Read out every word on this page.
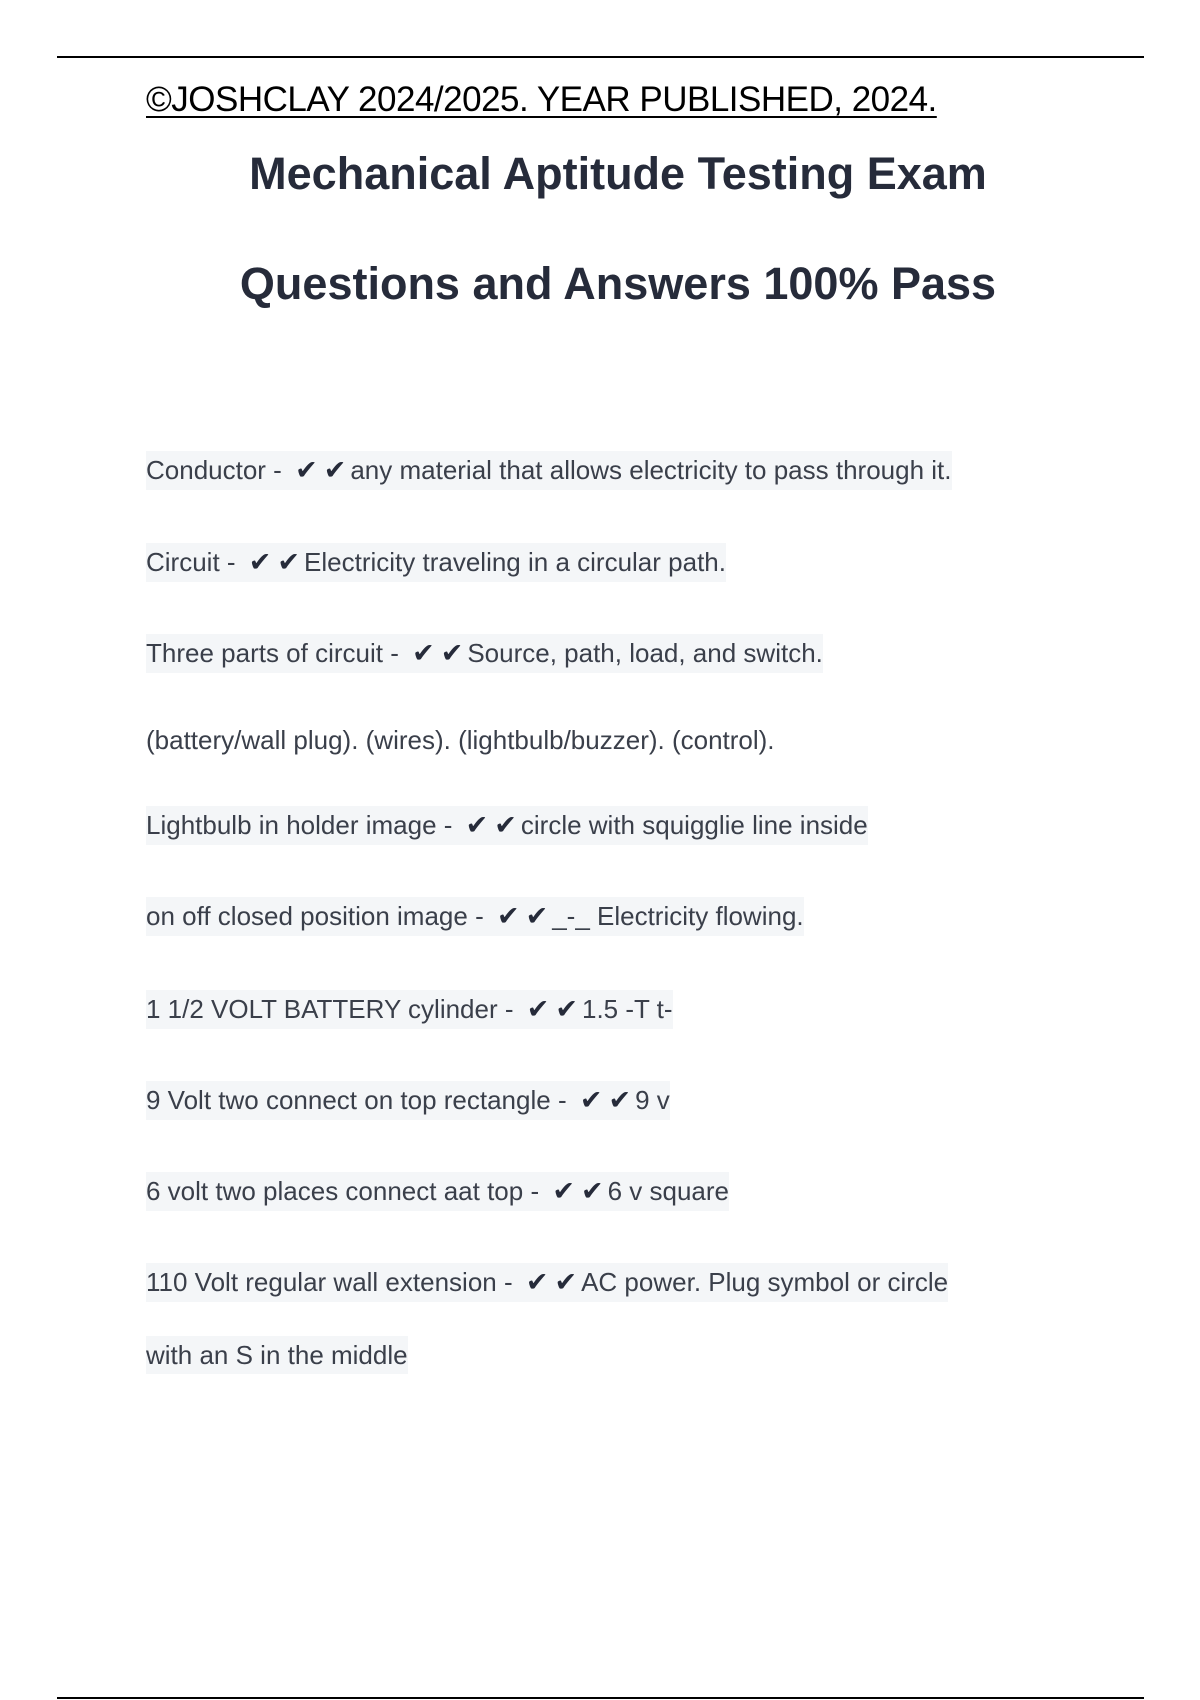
©JOSHCLAY 2024/2025. YEAR PUBLISHED, 2024.
Mechanical Aptitude Testing Exam
Questions and Answers 100% Pass
Conductor - ✔ ✔ any material that allows electricity to pass through it.
Circuit - ✔ ✔ Electricity traveling in a circular path.
Three parts of circuit - ✔ ✔ Source, path, load, and switch.
(battery/wall plug). (wires). (lightbulb/buzzer). (control).
Lightbulb in holder image - ✔ ✔ circle with squigglie line inside
on off closed position image - ✔ ✔ _-_ Electricity flowing.
1 1/2 VOLT BATTERY cylinder - ✔ ✔ 1.5 -T t-
9 Volt two connect on top rectangle - ✔ ✔ 9 v
6 volt two places connect aat top - ✔ ✔ 6 v square
110 Volt regular wall extension - ✔ ✔ AC power. Plug symbol or circle
with an S in the middle
